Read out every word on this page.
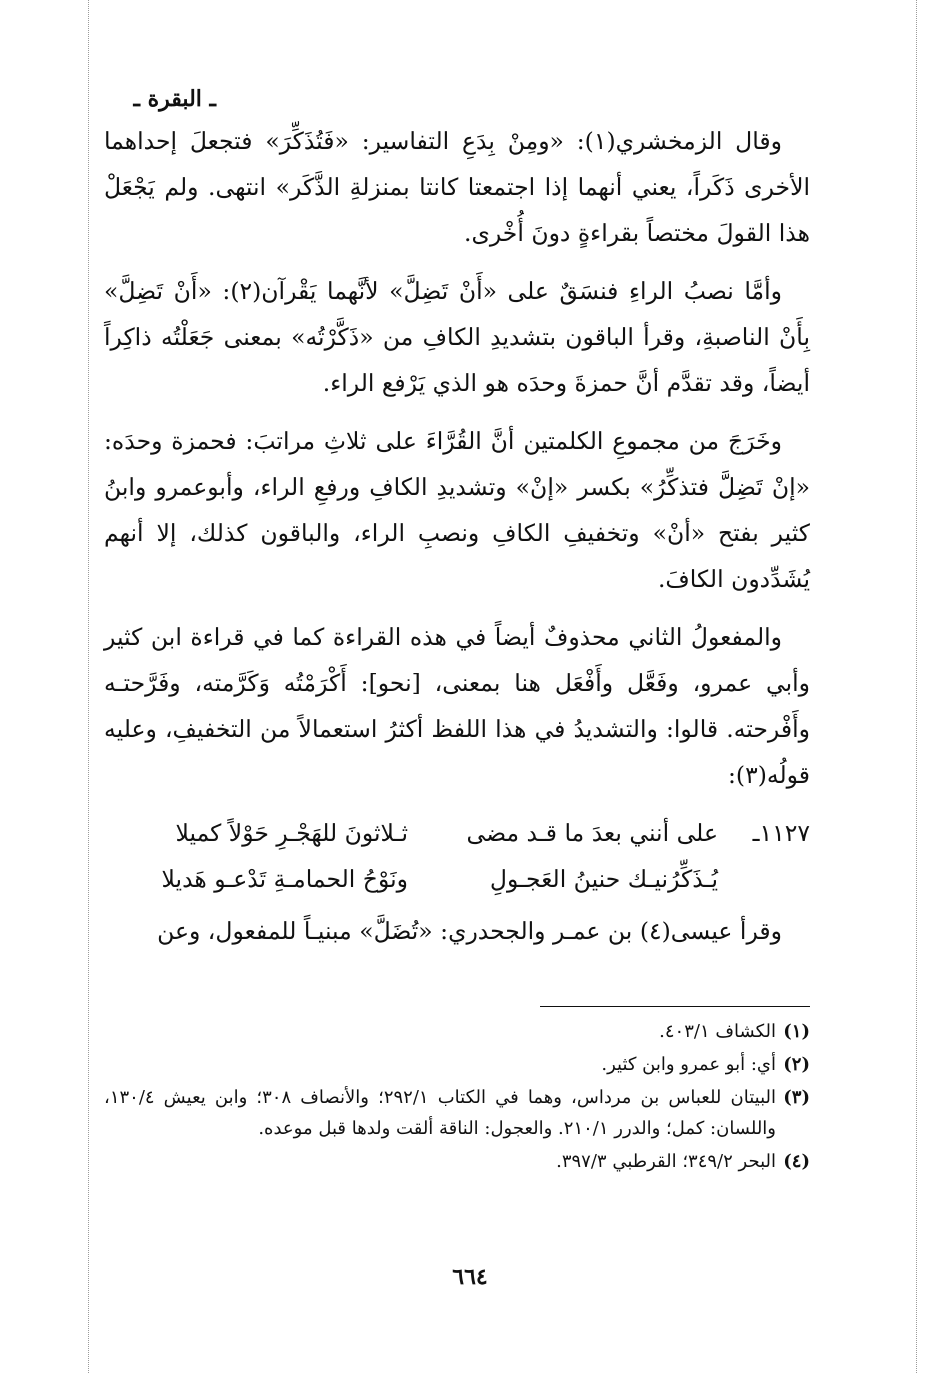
ـ البقرة ـ

وقال الزمخشري(١): «ومِنْ بِدَعِ التفاسير: «فَتُذَكِّرَ» فتجعلَ إحداهما الأخرى ذَكَراً، يعني أنهما إذا اجتمعتا كانتا بمنزلةِ الذَّكَر» انتهى. ولم يَجْعَلْ هذا القولَ مختصاً بقراءةٍ دونَ أُخْرى.

وأمَّا نصبُ الراءِ فنسَقٌ على «أَنْ تَضِلَّ» لأنَّهما يَقْرآن(٢): «أَنْ تَضِلَّ» بِأَنْ الناصبةِ، وقرأ الباقون بتشديدِ الكافِ من «ذَكَّرْتُه» بمعنى جَعَلْتُه ذاكِراً أيضاً، وقد تقدَّم أنَّ حمزةَ وحدَه هو الذي يَرْفع الراء.

وخَرَجَ من مجموعِ الكلمتين أنَّ القُرَّاءَ على ثلاثِ مراتبَ: فحمزة وحدَه: «إنْ تَضِلَّ فتذكِّرُ» بكسر «إنْ» وتشديدِ الكافِ ورفعِ الراء، وأبوعمرو وابنُ كثير بفتح «أنْ» وتخفيفِ الكافِ ونصبِ الراء، والباقون كذلك، إلا أنهم يُشَدِّدون الكافَ.

والمفعولُ الثاني محذوفٌ أيضاً في هذه القراءة كما في قراءة ابن كثير وأبي عمرو، وفَعَّل وأَفْعَل هنا بمعنى، [نحو]: أَكْرَمْتُه وَكَرَّمته، وفَرَّحتـه وأَفْرحته. قالوا: والتشديدُ في هذا اللفظ أكثرُ استعمالاً من التخفيفِ، وعليه قولُه(٣):

١١٢٧ـ
على أنني بعدَ ما قـد مضى
ثـلاثونَ للهَجْـرِ حَوْلاً كميلا
يُـذَكِّرُنيـك حنينُ العَجـولِ
ونَوْحُ الحمامـةِ تَدْعـو هَديلا

وقرأ عيسى(٤) بن عمـر والجحدري: «تُضَلَّ» مبنيـاً للمفعول، وعن

(١)
الكشاف ٤٠٣/١.
(٢)
أي: أبو عمرو وابن كثير.
(٣)
البيتان للعباس بن مرداس، وهما في الكتاب ٢٩٢/١؛ والأنصاف ٣٠٨؛ وابن يعيش ١٣٠/٤، واللسان: كمل؛ والدرر ٢١٠/١. والعجول: الناقة ألقت ولدها قبل موعده.
(٤)
البحر ٣٤٩/٢؛ القرطبي ٣٩٧/٣.
٦٦٤
